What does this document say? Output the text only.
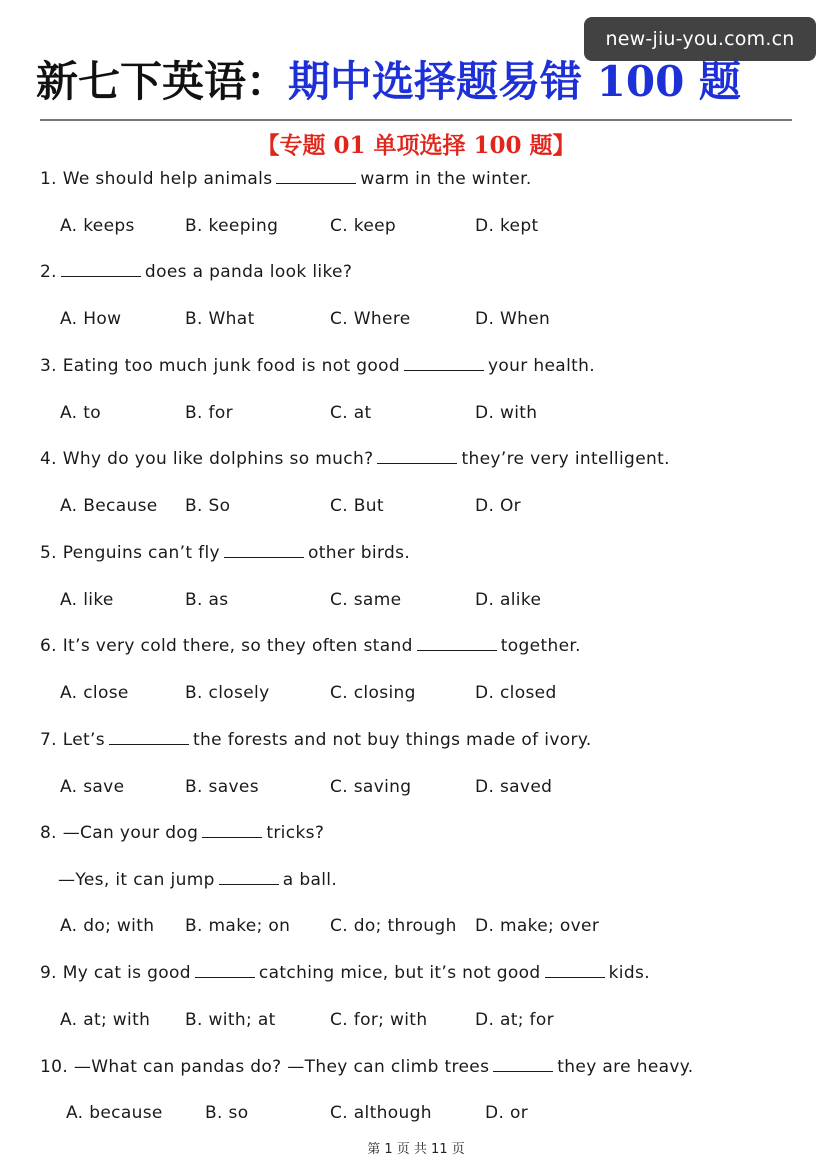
new-jiu-you.com.cn
新七下英语：期中选择题易错 100 题
【专题 01 单项选择 100 题】
1. We should help animals	warm in the winter.
A. keeps	B. keeping	C. keep	D. kept
2.	does a panda look like?
A. How	B. What	C. Where	D. When
3. Eating too much junk food is not good	your health.
A. to	B. for	C. at	D. with
4. Why do you like dolphins so much?	they’re very intelligent.
A. Because B. So	C. But	D. Or
5. Penguins can’t fly	other birds.
A. like	B. as	C. same	D. alike
6. It’s very cold there, so they often stand	together.
A. close	B. closely	C. closing	D. closed
7. Let’s	the forests and not buy things made of ivory.
A. save	B. saves	C. saving	D. saved
8. —Can your dog	tricks?
—Yes, it can jump	a ball.
A. do; with B. make; on C. do; through D. make; over
9. My cat is good	catching mice, but it’s not good	kids.
A. at; with B. with; at	C. for; with	D. at; for
10. —What can pandas do? —They can climb trees	they are heavy.
A. because B. so	C. although	D. or
第 1 页 共 11 页
